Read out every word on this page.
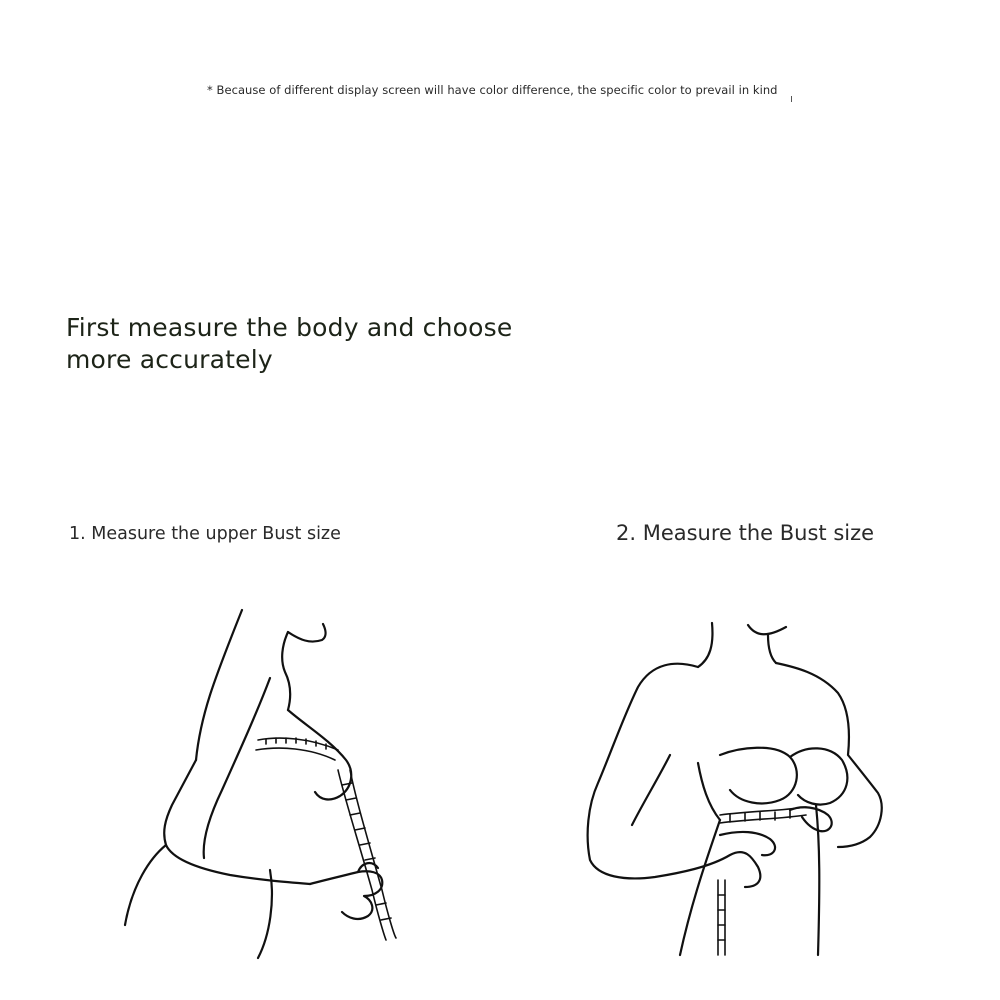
* Because of different display screen will have color difference, the specific color to prevail in kind
First measure the body and choose
more accurately
1. Measure the upper Bust size	2. Measure the Bust size
